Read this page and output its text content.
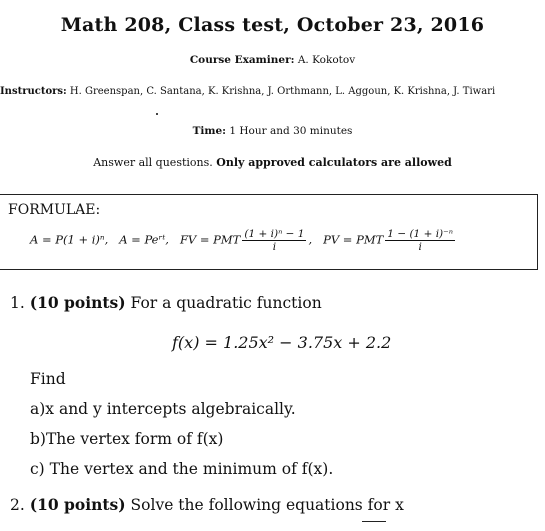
Math 208, Class test, October 23, 2016
Course Examiner: A. Kokotov
Instructors: H. Greenspan, C. Santana, K. Krishna, J. Orthmann, L. Aggoun, K. Krishna, J. Tiwari
Time: 1 Hour and 30 minutes
Answer all questions. Only approved calculators are allowed
FORMULAE:
A = P(1 + i)ⁿ, A = Peʳᵗ, FV = PMT $\frac{\text{(1 + i)ⁿ − 1}}{i}$ , PV = PMT $\frac{\text{1 − (1 + i)⁻ⁿ}}{i}$
1. (10 points) For a quadratic function
f(x) = 1.25x² − 3.75x + 2.2
Find
a)x and y intercepts algebraically.
b)The vertex form of f(x)
c) The vertex and the minimum of f(x).
2. (10 points) Solve the following equations for x
